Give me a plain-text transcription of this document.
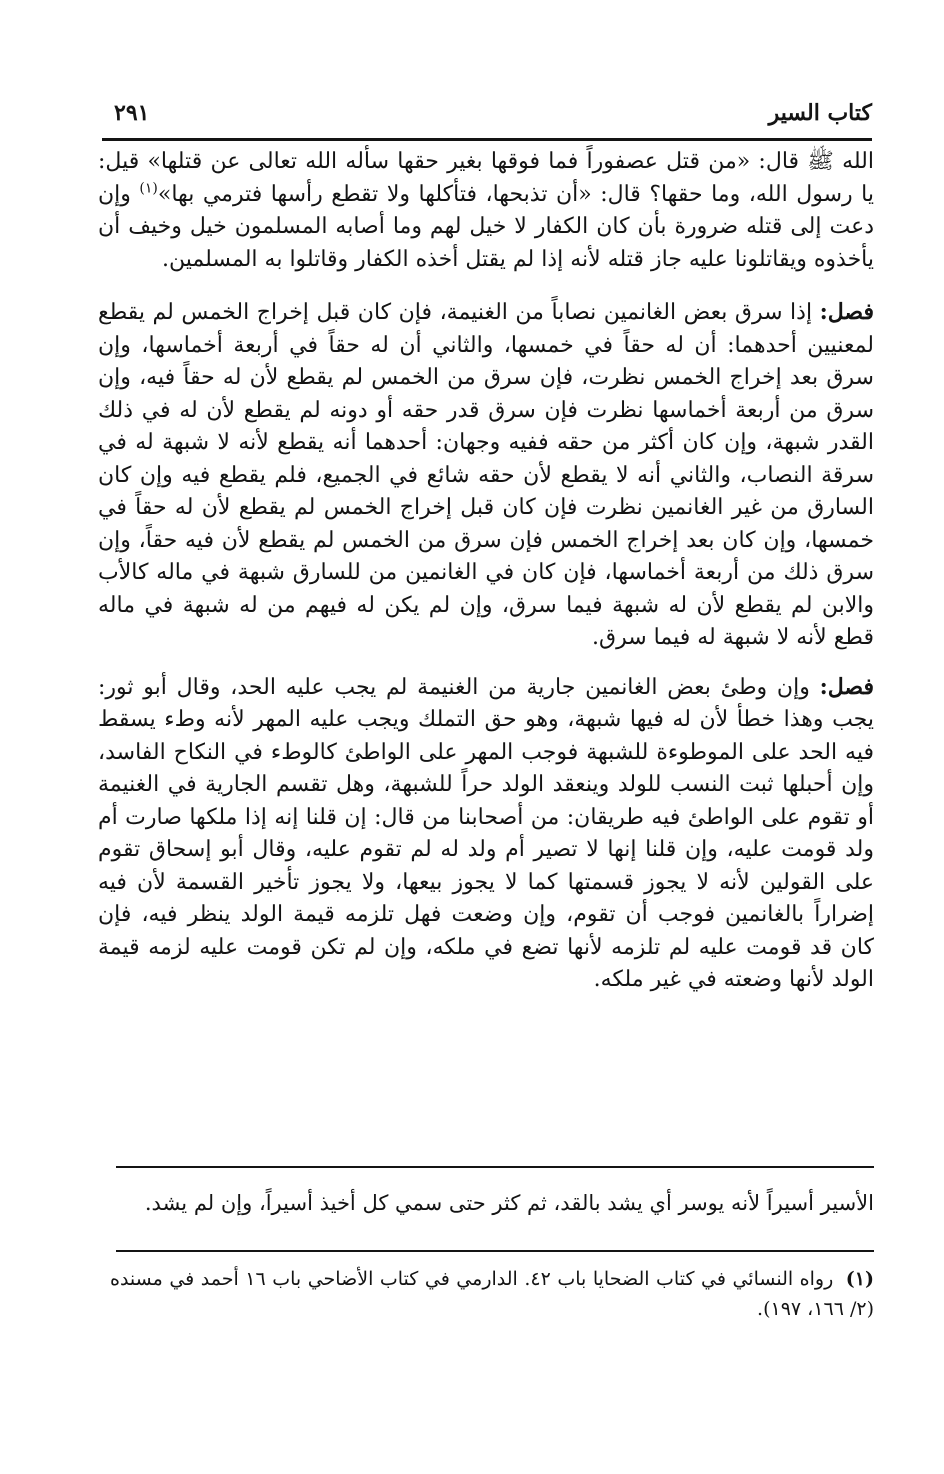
كتاب السير
٢٩١

الله ﷺ قال: «من قتل عصفوراً فما فوقها بغير حقها سأله الله تعالى عن قتلها» قيل: يا رسول الله، وما حقها؟ قال: «أن تذبحها، فتأكلها ولا تقطع رأسها فترمي بها»$^{(١)}$ وإن دعت إلى قتله ضرورة بأن كان الكفار لا خيل لهم وما أصابه المسلمون خيل وخيف أن يأخذوه ويقاتلونا عليه جاز قتله لأنه إذا لم يقتل أخذه الكفار وقاتلوا به المسلمين.

فصل: إذا سرق بعض الغانمين نصاباً من الغنيمة، فإن كان قبل إخراج الخمس لم يقطع لمعنيين أحدهما: أن له حقاً في خمسها، والثاني أن له حقاً في أربعة أخماسها، وإن سرق بعد إخراج الخمس نظرت، فإن سرق من الخمس لم يقطع لأن له حقاً فيه، وإن سرق من أربعة أخماسها نظرت فإن سرق قدر حقه أو دونه لم يقطع لأن له في ذلك القدر شبهة، وإن كان أكثر من حقه ففيه وجهان: أحدهما أنه يقطع لأنه لا شبهة له في سرقة النصاب، والثاني أنه لا يقطع لأن حقه شائع في الجميع، فلم يقطع فيه وإن كان السارق من غير الغانمين نظرت فإن كان قبل إخراج الخمس لم يقطع لأن له حقاً في خمسها، وإن كان بعد إخراج الخمس فإن سرق من الخمس لم يقطع لأن فيه حقاً، وإن سرق ذلك من أربعة أخماسها، فإن كان في الغانمين من للسارق شبهة في ماله كالأب والابن لم يقطع لأن له شبهة فيما سرق، وإن لم يكن له فيهم من له شبهة في ماله قطع لأنه لا شبهة له فيما سرق.

فصل: وإن وطئ بعض الغانمين جارية من الغنيمة لم يجب عليه الحد، وقال أبو ثور: يجب وهذا خطأ لأن له فيها شبهة، وهو حق التملك ويجب عليه المهر لأنه وطء يسقط فيه الحد على الموطوءة للشبهة فوجب المهر على الواطئ كالوطء في النكاح الفاسد، وإن أحبلها ثبت النسب للولد وينعقد الولد حراً للشبهة، وهل تقسم الجارية في الغنيمة أو تقوم على الواطئ فيه طريقان: من أصحابنا من قال: إن قلنا إنه إذا ملكها صارت أم ولد قومت عليه، وإن قلنا إنها لا تصير أم ولد له لم تقوم عليه، وقال أبو إسحاق تقوم على القولين لأنه لا يجوز قسمتها كما لا يجوز بيعها، ولا يجوز تأخير القسمة لأن فيه إضراراً بالغانمين فوجب أن تقوم، وإن وضعت فهل تلزمه قيمة الولد ينظر فيه، فإن كان قد قومت عليه لم تلزمه لأنها تضع في ملكه، وإن لم تكن قومت عليه لزمه قيمة الولد لأنها وضعته في غير ملكه.

الأسير أسيراً لأنه يوسر أي يشد بالقد، ثم كثر حتى سمي كل أخيذ أسيراً، وإن لم يشد.
(١) رواه النسائي في كتاب الضحايا باب ٤٢. الدارمي في كتاب الأضاحي باب ١٦ أحمد في مسنده (٢/ ١٦٦، ١٩٧).
